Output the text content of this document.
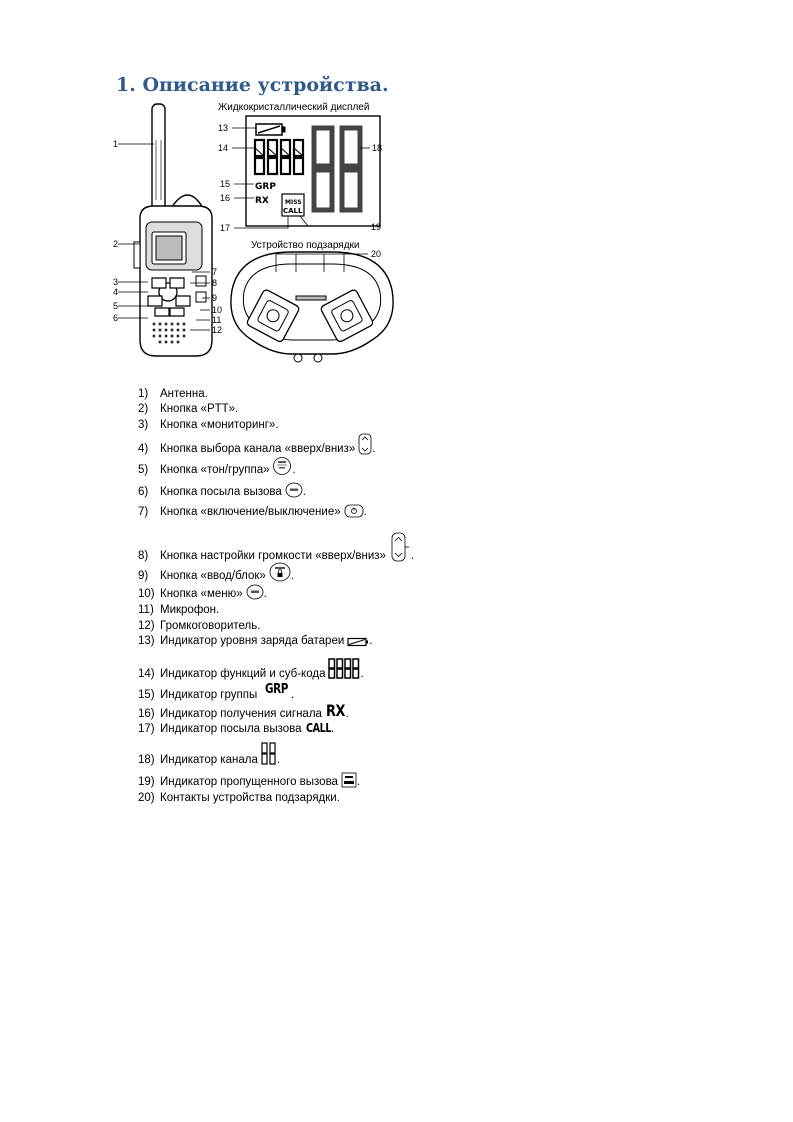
1. Описание устройства.
Жидкокристаллический дисплей
Устройство подзарядки
GRP
RX	MISS
CALL
1
2
3
4
5
6
7
8
9
10
11
12
13
14
15
16
17
18
19
20
1)	Антенна.
2)	Кнопка «PTT».
3)	Кнопка «мониторинг».
4)	Кнопка выбора канала «вверх/вниз» .
5)	Кнопка «тон/группа» .
6)	Кнопка посыла вызова .
7)	Кнопка «включение/выключение» .
8)	Кнопка настройки громкости «вверх/вниз» .
9)	Кнопка «ввод/блок» .
10) Кнопка «меню» .
11) Микрофон.
12) Громкоговоритель.
13) Индикатор уровня заряда батареи .
14) Индикатор функций и суб-кода	.
15) Индикатор группы GRP .
16) Индикатор получения сигнала RX .
17) Индикатор посыла вызова CALL .
18) Индикатор канала .
19) Индикатор пропущенного вызова .
20) Контакты устройства подзарядки.
